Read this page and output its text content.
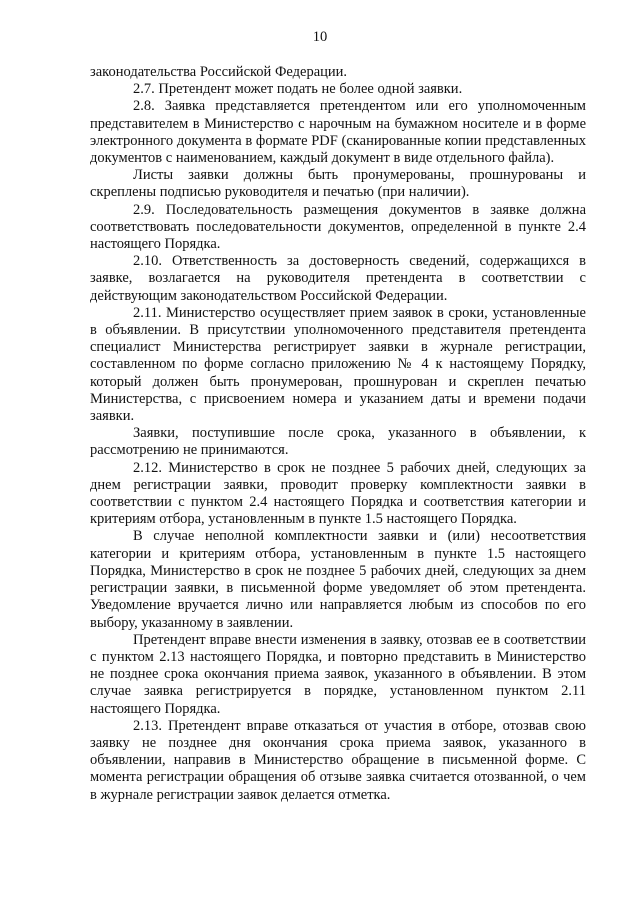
10

законодательства Российской Федерации.

2.7. Претендент может подать не более одной заявки.

2.8. Заявка представляется претендентом или его уполномоченным представителем в Министерство с нарочным на бумажном носителе и в форме электронного документа в формате PDF (сканированные копии представленных документов с наименованием, каждый документ в виде отдельного файла).

Листы заявки должны быть пронумерованы, прошнурованы и скреплены подписью руководителя и печатью (при наличии).

2.9. Последовательность размещения документов в заявке должна соответствовать последовательности документов, определенной в пункте 2.4 настоящего Порядка.

2.10. Ответственность за достоверность сведений, содержащихся в заявке, возлагается на руководителя претендента в соответствии с действующим законодательством Российской Федерации.

2.11. Министерство осуществляет прием заявок в сроки, установленные в объявлении. В присутствии уполномоченного представителя претендента специалист Министерства регистрирует заявки в журнале регистрации, составленном по форме согласно приложению № 4 к настоящему Порядку, который должен быть пронумерован, прошнурован и скреплен печатью Министерства, с присвоением номера и указанием даты и времени подачи заявки.

Заявки, поступившие после срока, указанного в объявлении, к рассмотрению не принимаются.

2.12. Министерство в срок не позднее 5 рабочих дней, следующих за днем регистрации заявки, проводит проверку комплектности заявки в соответствии с пунктом 2.4 настоящего Порядка и соответствия категории и критериям отбора, установленным в пункте 1.5 настоящего Порядка.

В случае неполной комплектности заявки и (или) несоответствия категории и критериям отбора, установленным в пункте 1.5 настоящего Порядка, Министерство в срок не позднее 5 рабочих дней, следующих за днем регистрации заявки, в письменной форме уведомляет об этом претендента. Уведомление вручается лично или направляется любым из способов по его выбору, указанному в заявлении.

Претендент вправе внести изменения в заявку, отозвав ее в соответствии с пунктом 2.13 настоящего Порядка, и повторно представить в Министерство не позднее срока окончания приема заявок, указанного в объявлении. В этом случае заявка регистрируется в порядке, установленном пунктом 2.11 настоящего Порядка.

2.13. Претендент вправе отказаться от участия в отборе, отозвав свою заявку не позднее дня окончания срока приема заявок, указанного в объявлении, направив в Министерство обращение в письменной форме. С момента регистрации обращения об отзыве заявка считается отозванной, о чем в журнале регистрации заявок делается отметка.
